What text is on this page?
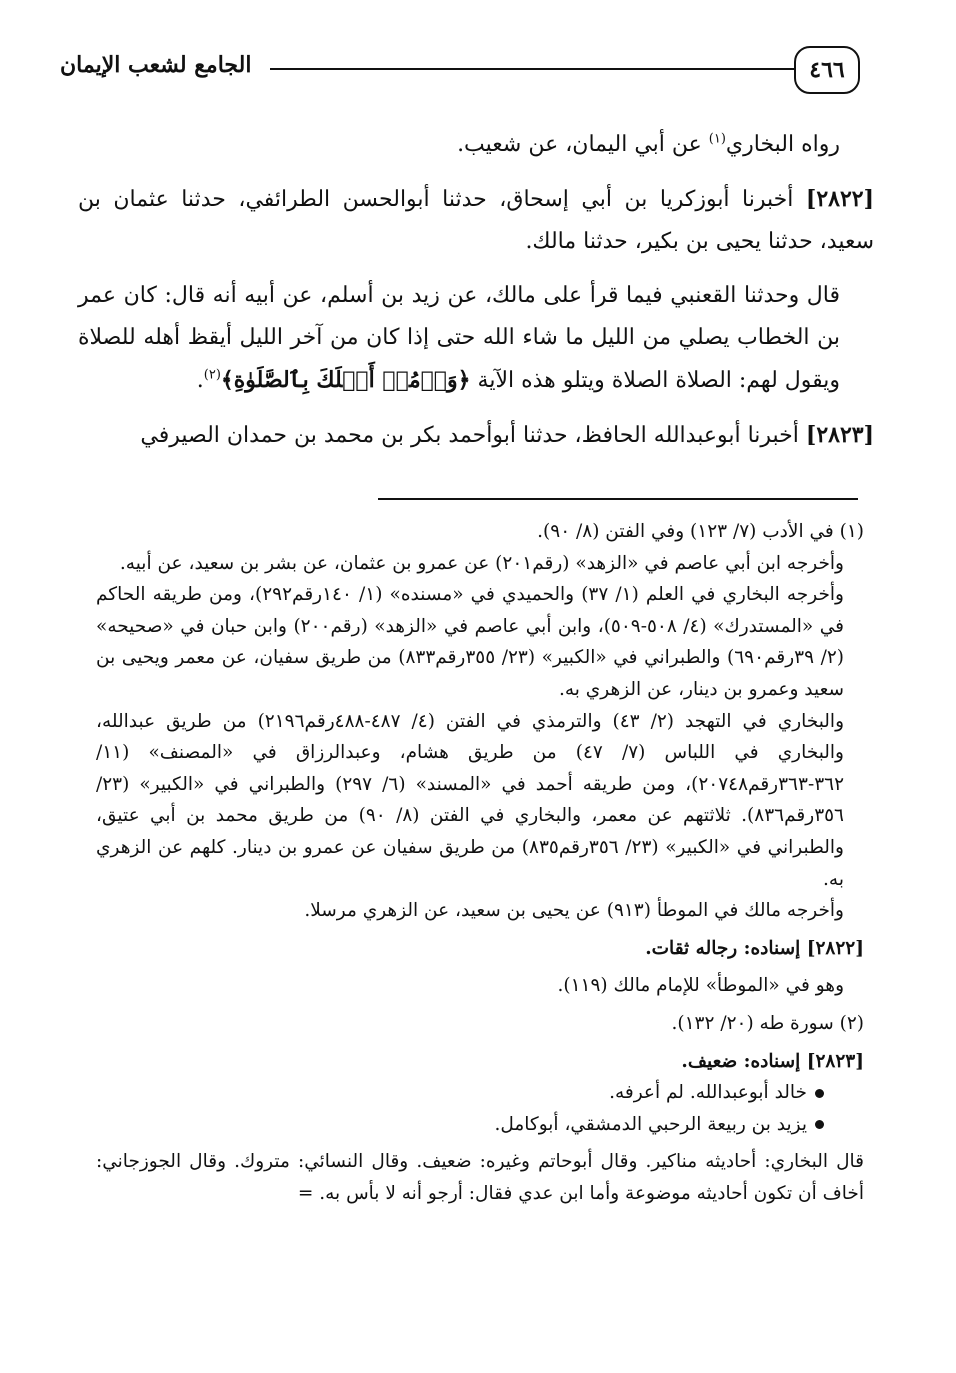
٤٦٦
الجامع لشعب الإيمان

رواه البخاري$^{(١)}$ عن أبي اليمان، عن شعيب.

[٢٨٢٢] أخبرنا أبوزكريا بن أبي إسحاق، حدثنا أبوالحسن الطرائفي، حدثنا عثمان بن سعيد، حدثنا يحيى بن بكير، حدثنا مالك.

قال وحدثنا القعنبي فيما قرأ على مالك، عن زيد بن أسلم، عن أبيه أنه قال: كان عمر بن الخطاب يصلي من الليل ما شاء الله حتى إذا كان من آخر الليل أيقظ أهله للصلاة ويقول لهم: الصلاة الصلاة ويتلو هذه الآية ﴿وَأۡمُرۡ أَهۡلَكَ بِٱلصَّلَوٰةِ﴾$^{(٢)}$.

[٢٨٢٣] أخبرنا أبوعبدالله الحافظ، حدثنا أبوأحمد بكر بن محمد بن حمدان الصيرفي

(١) في الأدب (٧/ ١٢٣) وفي الفتن (٨/ ٩٠).

وأخرجه ابن أبي عاصم في «الزهد» (رقم٢٠١) عن عمرو بن عثمان، عن بشر بن سعيد، عن أبيه.

وأخرجه البخاري في العلم (١/ ٣٧) والحميدي في «مسنده» (١/ ١٤٠رقم٢٩٢)، ومن طريقه الحاكم في «المستدرك» (٤/ ٥٠٨-٥٠٩)، وابن أبي عاصم في «الزهد» (رقم٢٠٠) وابن حبان في «صحيحه» (٢/ ٣٩رقم٦٩٠) والطبراني في «الكبير» (٢٣/ ٣٥٥رقم٨٣٣) من طريق سفيان، عن معمر ويحيى بن سعيد وعمرو بن دينار، عن الزهري به.

والبخاري في التهجد (٢/ ٤٣) والترمذي في الفتن (٤/ ٤٨٧-٤٨٨رقم٢١٩٦) من طريق عبدالله، والبخاري في اللباس (٧/ ٤٧) من طريق هشام، وعبدالرزاق في «المصنف» (١١/ ٣٦٢-٣٦٣رقم٢٠٧٤٨)، ومن طريقه أحمد في «المسند» (٦/ ٢٩٧) والطبراني في «الكبير» (٢٣/ ٣٥٦رقم٨٣٦). ثلاثتهم عن معمر، والبخاري في الفتن (٨/ ٩٠) من طريق محمد بن أبي عتيق، والطبراني في «الكبير» (٢٣/ ٣٥٦رقم٨٣٥) من طريق سفيان عن عمرو بن دينار. كلهم عن الزهري به.

وأخرجه مالك في الموطأ (٩١٣) عن يحيى بن سعيد، عن الزهري مرسلا.

[٢٨٢٢] إسناده: رجاله ثقات.

وهو في «الموطأ» للإمام مالك (١١٩).

(٢) سورة طه (٢٠/ ١٣٢).

[٢٨٢٣] إسناده: ضعيف.

خالد أبوعبدالله. لم أعرفه.

يزيد بن ربيعة الرحبي الدمشقي، أبوكامل.

قال البخاري: أحاديثه مناكير. وقال أبوحاتم وغيره: ضعيف. وقال النسائي: متروك. وقال الجوزجاني: أخاف أن تكون أحاديثه موضوعة وأما ابن عدي فقال: أرجو أنه لا بأس به. =
